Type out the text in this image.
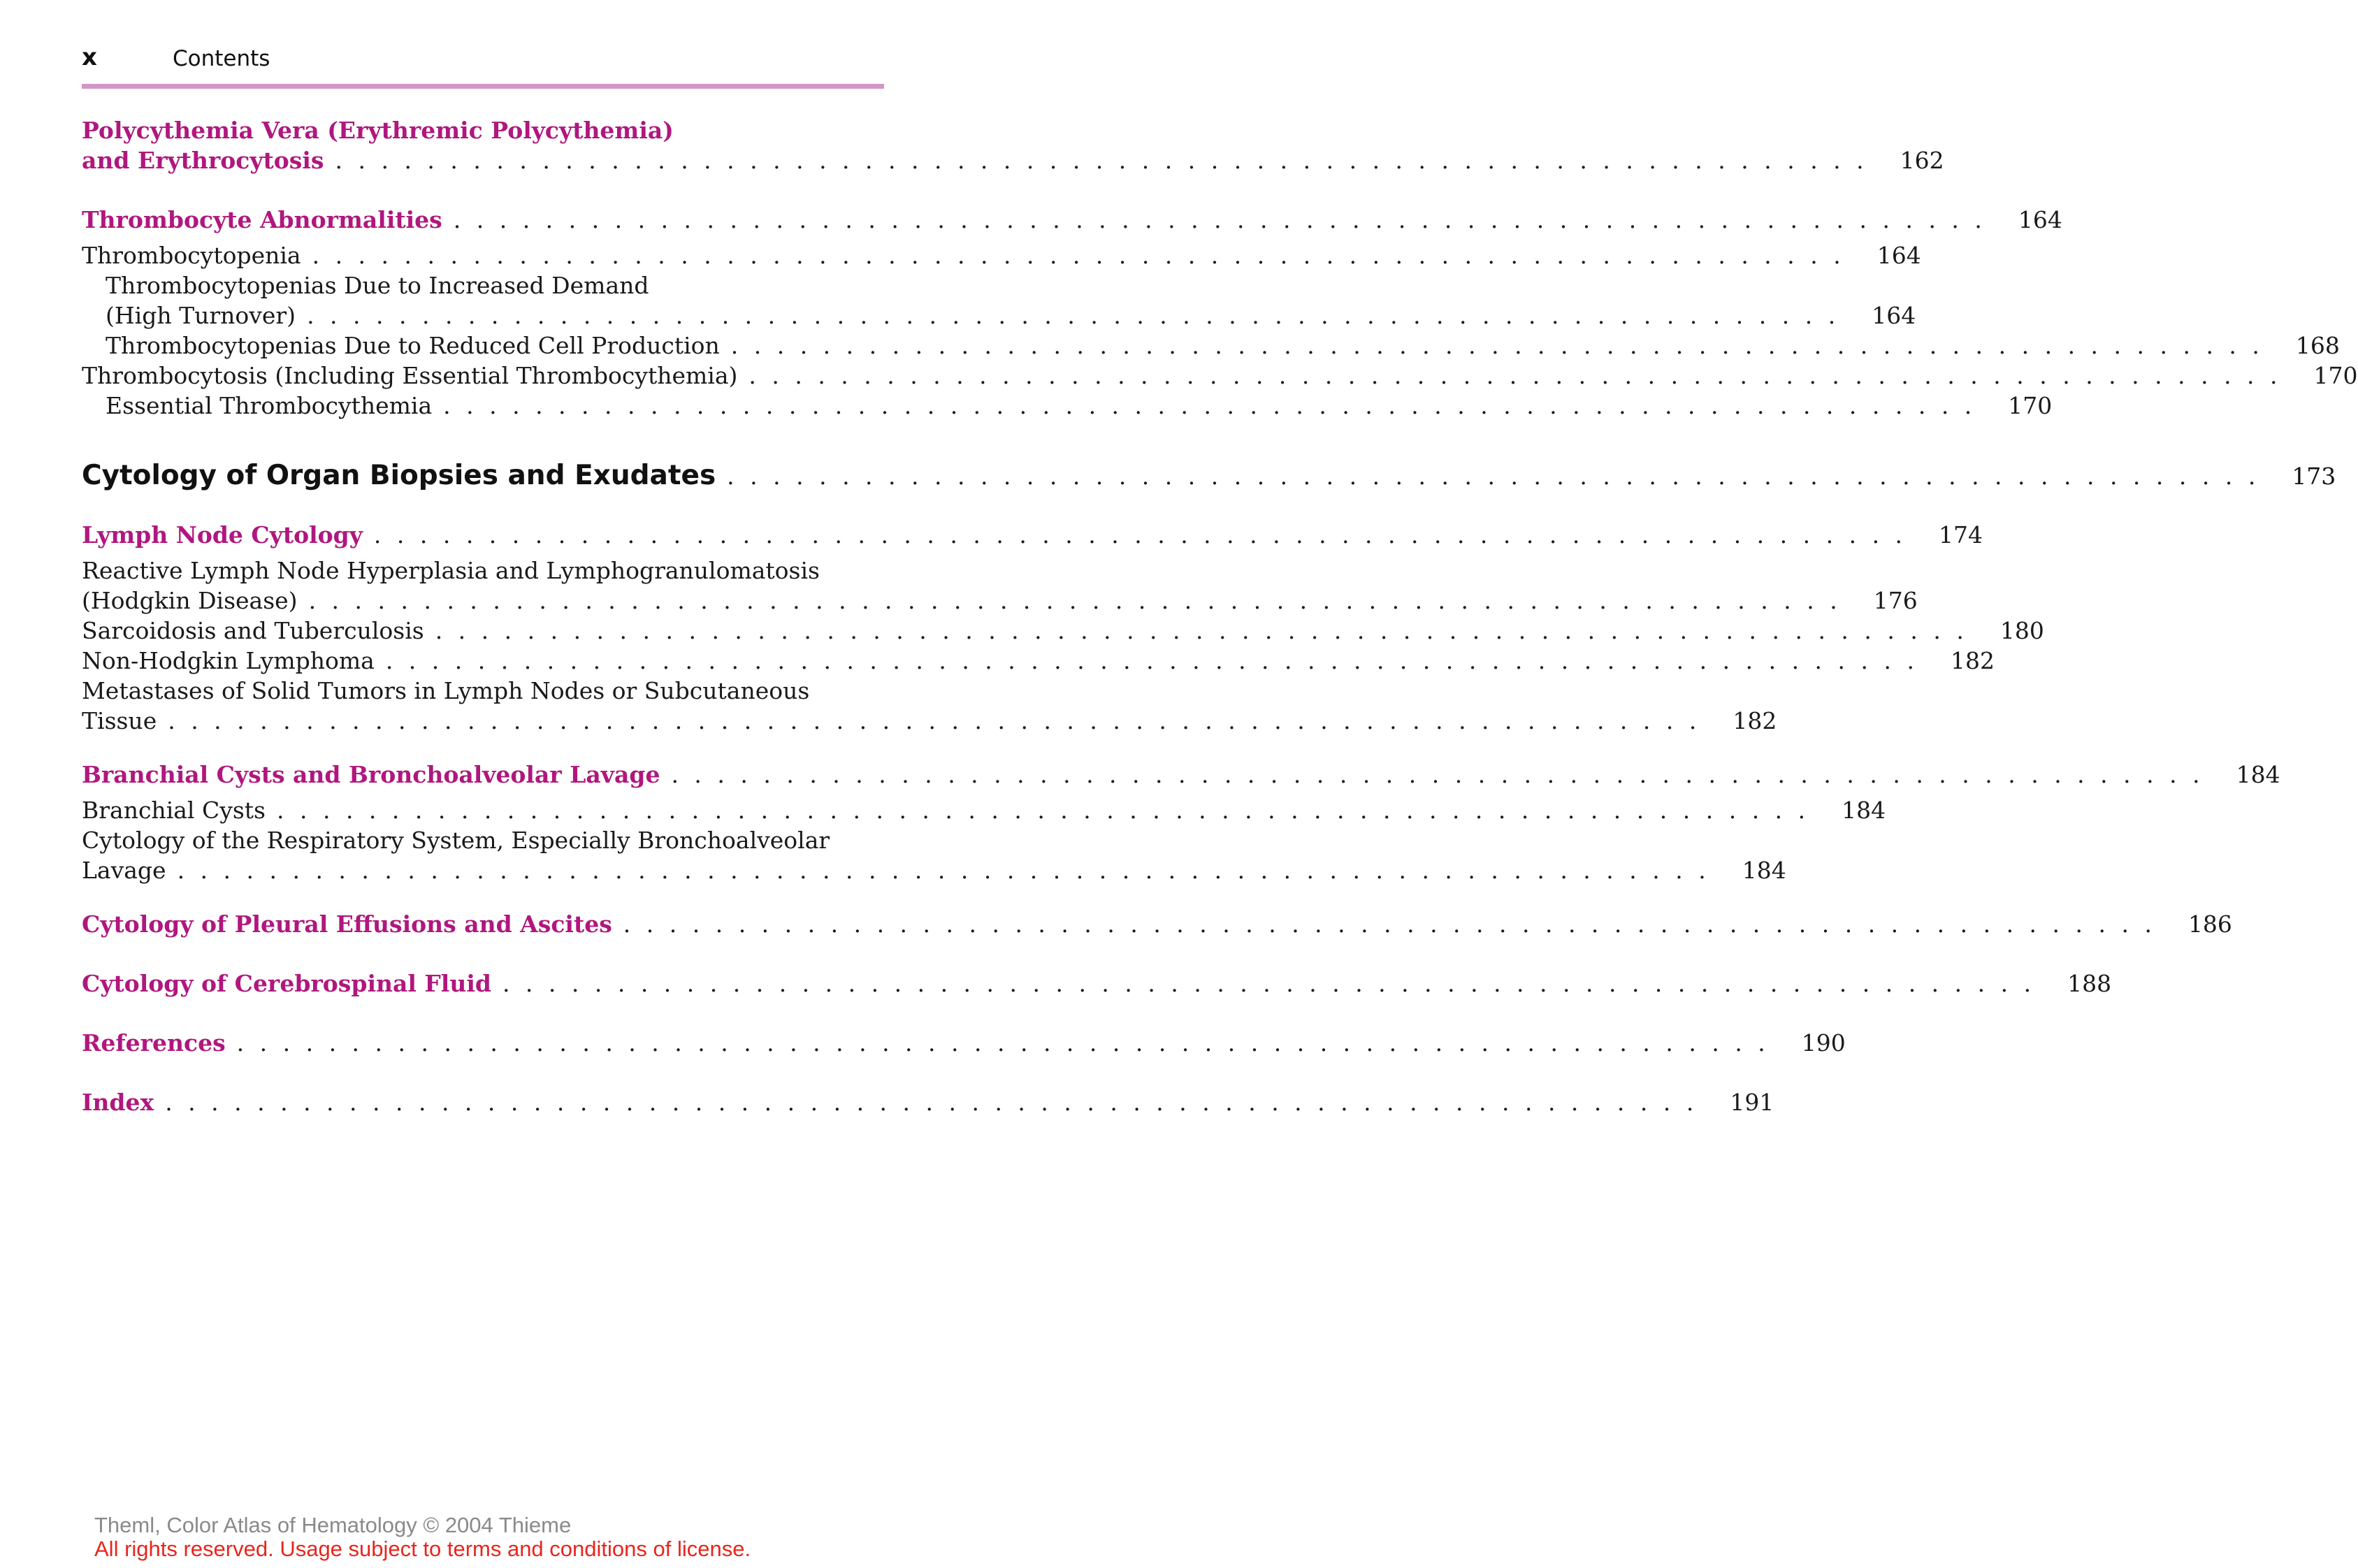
x	Contents
Polycythemia Vera (Erythremic Polycythemia)
and Erythrocytosis . . . . . . . . . . . . . . . . . . . . . . . . . . . . . . . . . . . . . . . . . . . . . . . . . . . . . . . . . . . . . . . . . . . 162
Thrombocyte Abnormalities . . . . . . . . . . . . . . . . . . . . . . . . . . . . . . . . . . . . . . . . . . . . . . . . . . . . . . . . . . . . . . . . . . . 164
Thrombocytopenia . . . . . . . . . . . . . . . . . . . . . . . . . . . . . . . . . . . . . . . . . . . . . . . . . . . . . . . . . . . . . . . . . . . 164
Thrombocytopenias Due to Increased Demand
(High Turnover) . . . . . . . . . . . . . . . . . . . . . . . . . . . . . . . . . . . . . . . . . . . . . . . . . . . . . . . . . . . . . . . . . . . 164
Thrombocytopenias Due to Reduced Cell Production . . . . . . . . . . . . . . . . . . . . . . . . . . . . . . . . . . . . . . . . . . . . . . . . . . . . . . . . . . . . . . . . . . . 168
Thrombocytosis (Including Essential Thrombocythemia) . . . . . . . . . . . . . . . . . . . . . . . . . . . . . . . . . . . . . . . . . . . . . . . . . . . . . . . . . . . . . . . . . . . 170
Essential Thrombocythemia . . . . . . . . . . . . . . . . . . . . . . . . . . . . . . . . . . . . . . . . . . . . . . . . . . . . . . . . . . . . . . . . . . . 170
Cytology of Organ Biopsies and Exudates . . . . . . . . . . . . . . . . . . . . . . . . . . . . . . . . . . . . . . . . . . . . . . . . . . . . . . . . . . . . . . . . . . . 173
Lymph Node Cytology . . . . . . . . . . . . . . . . . . . . . . . . . . . . . . . . . . . . . . . . . . . . . . . . . . . . . . . . . . . . . . . . . . . 174
Reactive Lymph Node Hyperplasia and Lymphogranulomatosis
(Hodgkin Disease) . . . . . . . . . . . . . . . . . . . . . . . . . . . . . . . . . . . . . . . . . . . . . . . . . . . . . . . . . . . . . . . . . . . 176
Sarcoidosis and Tuberculosis . . . . . . . . . . . . . . . . . . . . . . . . . . . . . . . . . . . . . . . . . . . . . . . . . . . . . . . . . . . . . . . . . . . 180
Non-Hodgkin Lymphoma . . . . . . . . . . . . . . . . . . . . . . . . . . . . . . . . . . . . . . . . . . . . . . . . . . . . . . . . . . . . . . . . . . . 182
Metastases of Solid Tumors in Lymph Nodes or Subcutaneous
Tissue . . . . . . . . . . . . . . . . . . . . . . . . . . . . . . . . . . . . . . . . . . . . . . . . . . . . . . . . . . . . . . . . . . . 182
Branchial Cysts and Bronchoalveolar Lavage . . . . . . . . . . . . . . . . . . . . . . . . . . . . . . . . . . . . . . . . . . . . . . . . . . . . . . . . . . . . . . . . . . . 184
Branchial Cysts . . . . . . . . . . . . . . . . . . . . . . . . . . . . . . . . . . . . . . . . . . . . . . . . . . . . . . . . . . . . . . . . . . . 184
Cytology of the Respiratory System, Especially Bronchoalveolar
Lavage . . . . . . . . . . . . . . . . . . . . . . . . . . . . . . . . . . . . . . . . . . . . . . . . . . . . . . . . . . . . . . . . . . . 184
Cytology of Pleural Effusions and Ascites . . . . . . . . . . . . . . . . . . . . . . . . . . . . . . . . . . . . . . . . . . . . . . . . . . . . . . . . . . . . . . . . . . . 186
Cytology of Cerebrospinal Fluid . . . . . . . . . . . . . . . . . . . . . . . . . . . . . . . . . . . . . . . . . . . . . . . . . . . . . . . . . . . . . . . . . . . 188
References . . . . . . . . . . . . . . . . . . . . . . . . . . . . . . . . . . . . . . . . . . . . . . . . . . . . . . . . . . . . . . . . . . . 190
Index . . . . . . . . . . . . . . . . . . . . . . . . . . . . . . . . . . . . . . . . . . . . . . . . . . . . . . . . . . . . . . . . . . . 191
Theml, Color Atlas of Hematology © 2004 Thieme
All rights reserved. Usage subject to terms and conditions of license.
